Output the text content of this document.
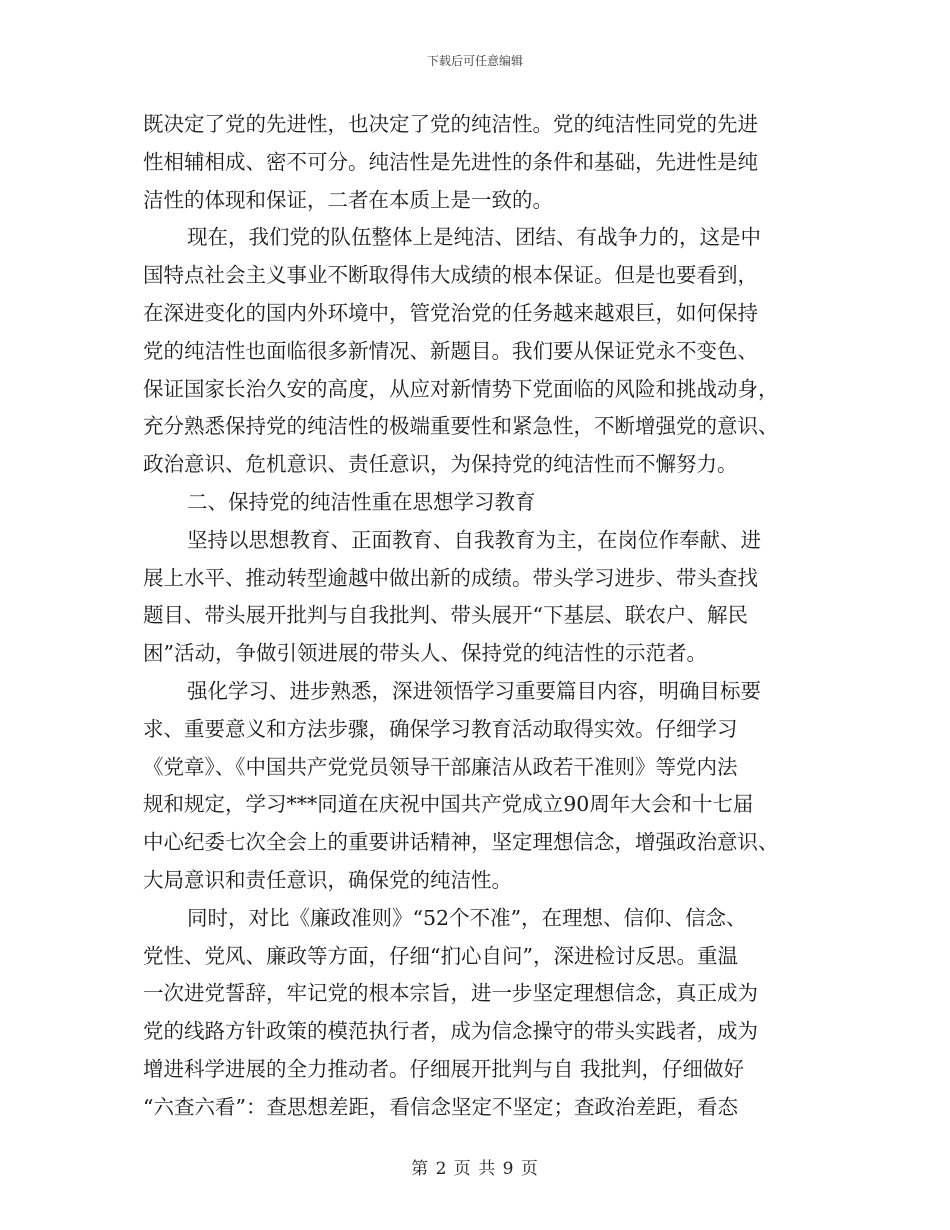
下载后可任意编辑
既决定了党的先进性，也决定了党的纯洁性。党的纯洁性同党的先进
性相辅相成、密不可分。纯洁性是先进性的条件和基础，先进性是纯
洁性的体现和保证，二者在本质上是一致的。
现在，我们党的队伍整体上是纯洁、团结、有战争力的，这是中
国特点社会主义事业不断取得伟大成绩的根本保证。但是也要看到，
在深进变化的国内外环境中，管党治党的任务越来越艰巨，如何保持
党的纯洁性也面临很多新情况、新题目。我们要从保证党永不变色、
保证国家长治久安的高度，从应对新情势下党面临的风险和挑战动身，
充分熟悉保持党的纯洁性的极端重要性和紧急性，不断增强党的意识、
政治意识、危机意识、责任意识，为保持党的纯洁性而不懈努力。
二、保持党的纯洁性重在思想学习教育
坚持以思想教育、正面教育、自我教育为主，在岗位作奉献、进
展上水平、推动转型逾越中做出新的成绩。带头学习进步、带头查找
题目、带头展开批判与自我批判、带头展开“下基层、联农户、解民
困”活动，争做引领进展的带头人、保持党的纯洁性的示范者。
强化学习、进步熟悉，深进领悟学习重要篇目内容，明确目标要
求、重要意义和方法步骤，确保学习教育活动取得实效。仔细学习
《党章》、《中国共产党党员领导干部廉洁从政若干准则》等党内法
规和规定，学习***同道在庆祝中国共产党成立90周年大会和十七届
中心纪委七次全会上的重要讲话精神，坚定理想信念，增强政治意识、
大局意识和责任意识，确保党的纯洁性。
同时，对比《廉政准则》“52个不准”，在理想、信仰、信念、
党性、党风、廉政等方面，仔细“扪心自问”，深进检讨反思。重温
一次进党誓辞，牢记党的根本宗旨，进一步坚定理想信念，真正成为
党的线路方针政策的模范执行者，成为信念操守的带头实践者，成为
增进科学进展的全力推动者。仔细展开批判与自 我批判，仔细做好
“六查六看”：查思想差距，看信念坚定不坚定；查政治差距，看态
第 2 页 共 9 页
